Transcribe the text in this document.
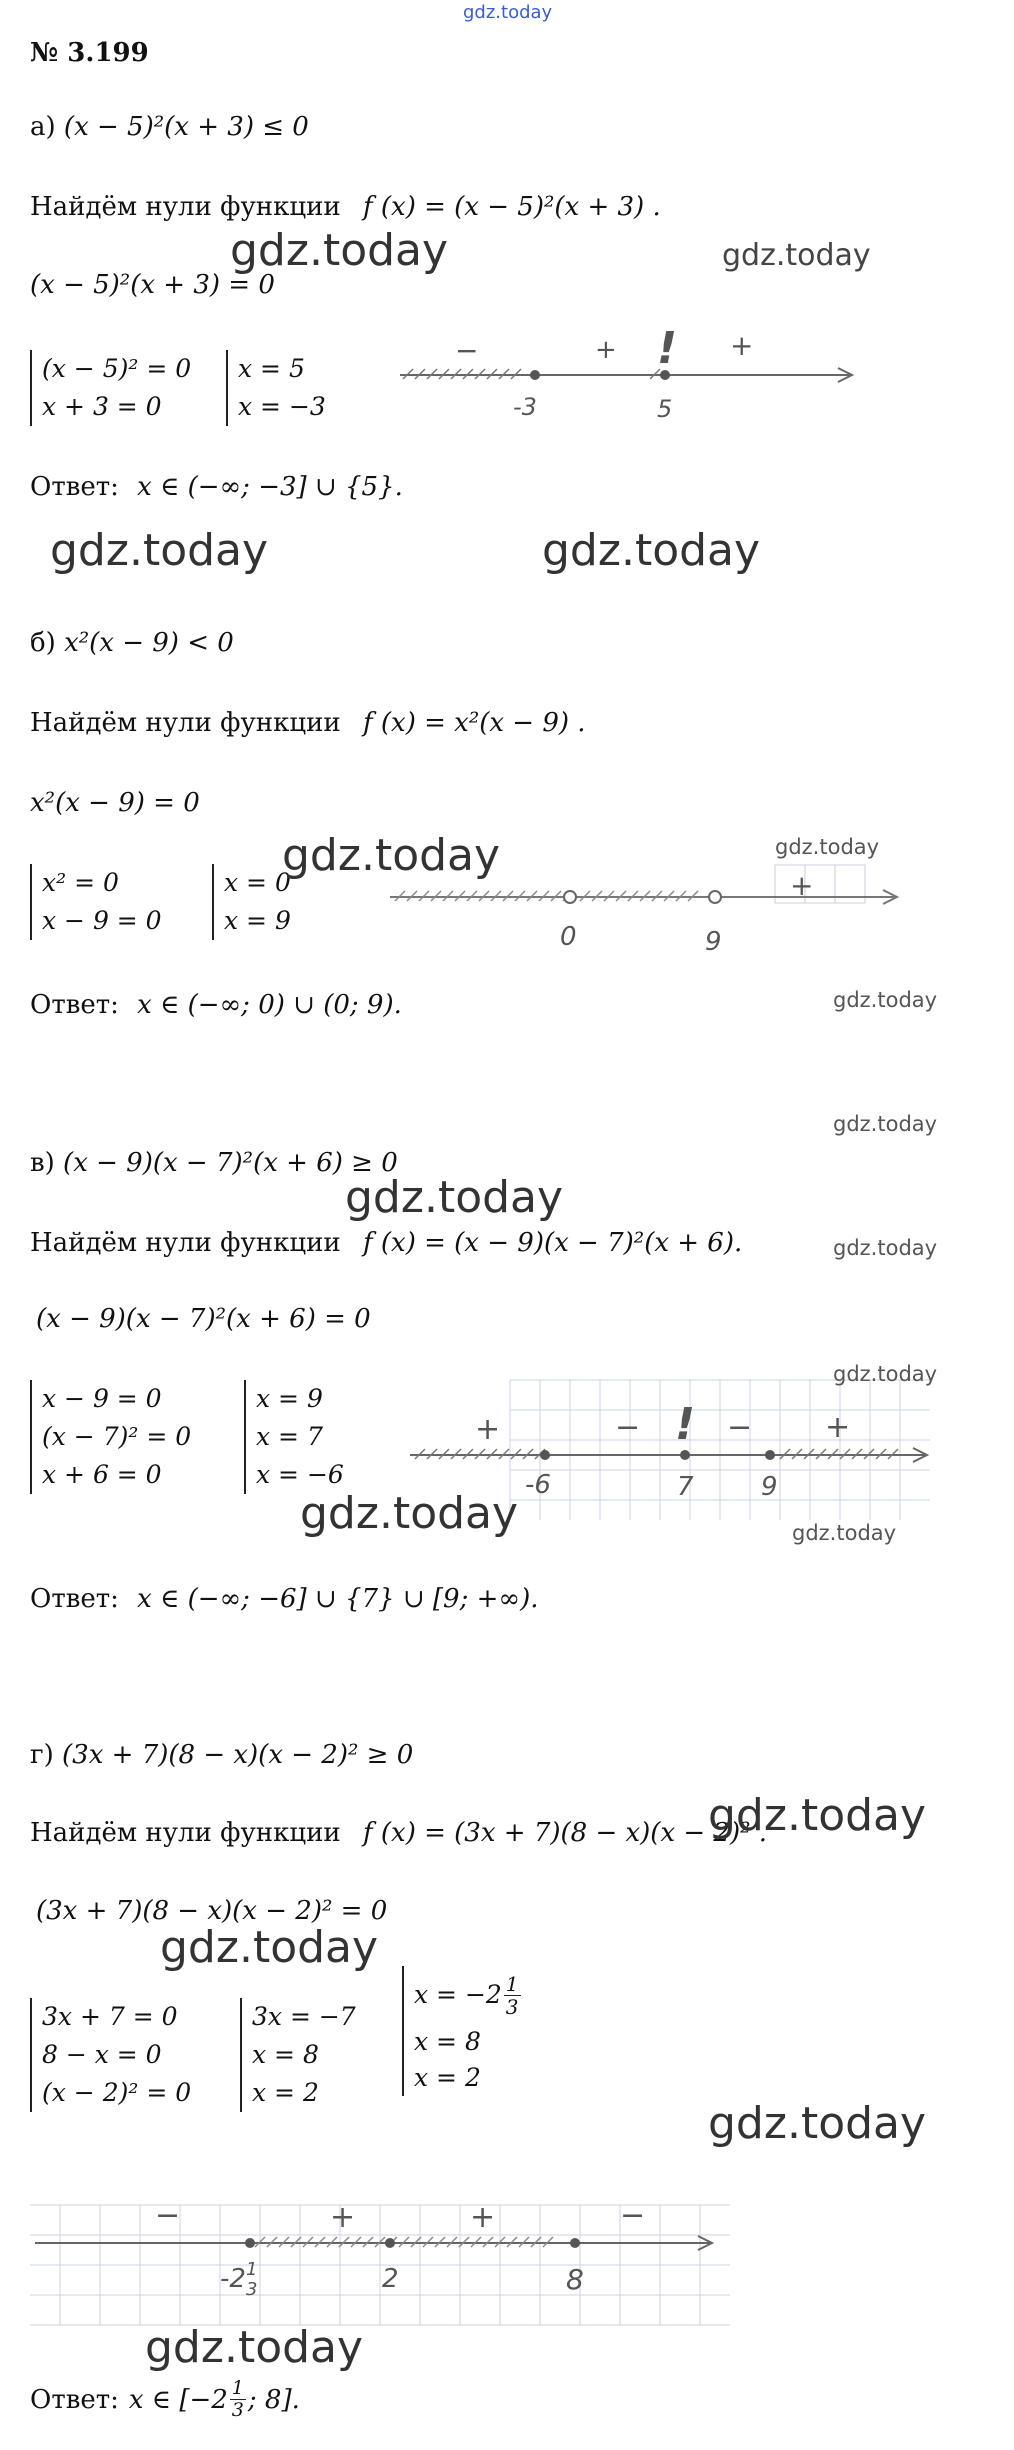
gdz.today
№ 3.199
а) (x − 5)²(x + 3) ≤ 0
Найдём нули функции f (x) = (x − 5)²(x + 3) .
(x − 5)²(x + 3) = 0
(x − 5)² = 0
x + 3 = 0
x = 5
x = −3
−	+ ! +
-3	5
Ответ: x ∈ (−∞; −3] ∪ {5}.
б) x²(x − 9) < 0
Найдём нули функции f (x) = x²(x − 9) .
x²(x − 9) = 0
x² = 0
x − 9 = 0
x = 0
x = 9
+
0	9
Ответ: x ∈ (−∞; 0) ∪ (0; 9).
в) (x − 9)(x − 7)²(x + 6) ≥ 0
Найдём нули функции f (x) = (x − 9)(x − 7)²(x + 6).
(x − 9)(x − 7)²(x + 6) = 0
x − 9 = 0
(x − 7)² = 0
x + 6 = 0
x = 9
x = 7
x = −6
+	− ! − +
-6	7	9
Ответ: x ∈ (−∞; −6] ∪ {7} ∪ [9; +∞).
г) (3x + 7)(8 − x)(x − 2)² ≥ 0
Найдём нули функции f (x) = (3x + 7)(8 − x)(x − 2)² .
(3x + 7)(8 − x)(x − 2)² = 0
3x + 7 = 0
8 − x = 0
(x − 2)² = 0
3x = −7
x = 8
x = 2
$x = -2 \frac{1}{3}$
x = 8
x = 2
−	+	+	−
-2 1
3	2	8
Ответ: x ∈ [$-2 \frac{1}{3}$ ; 8].
gdz.today	gdz.today
gdz.today	gdz.today
gdz.today	gdz.today
gdz.today
gdz.today
gdz.today
gdz.today
gdz.today
gdz.today	gdz.today
gdz.today
gdz.today
gdz.today
gdz.today
